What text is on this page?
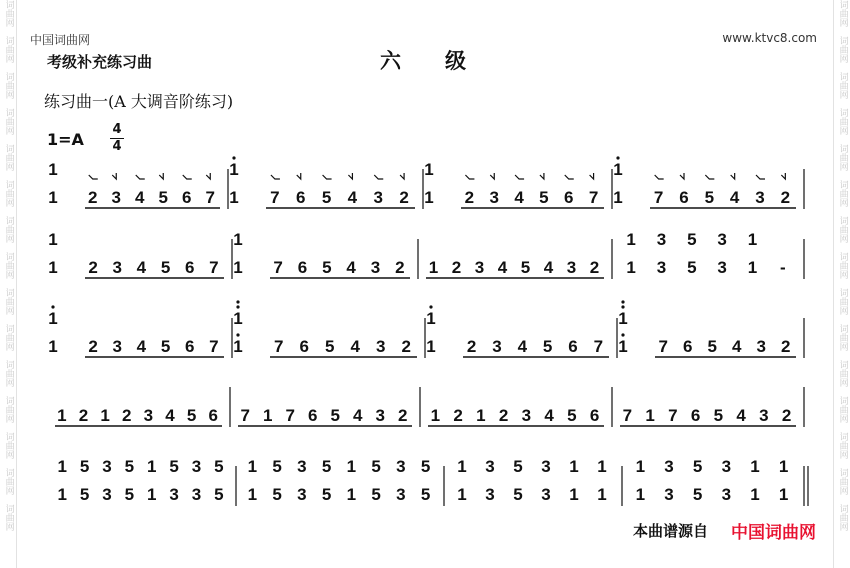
词曲网
词曲网
词曲网
词曲网
词曲网
词曲网
词曲网
词曲网
词曲网
词曲网
词曲网
词曲网
词曲网
词曲网
词曲网
词曲网
词曲网
词曲网
词曲网
词曲网
词曲网
词曲网
词曲网
词曲网
词曲网
词曲网
词曲网
词曲网
词曲网
词曲网
中国词曲网	www.ktvc8.com
考级补充练习曲	六级
练习曲一(A 大调音阶练习)
1=A
4
4
1
1 2 3 4 5 6 7
1
1 7 6 5 4 3 2
1
1 2 3 4 5 6 7
1
1 7 6 5 4 3 2
1
1 2 3 4 5 6 7
1
1 7 6 5 4 3 2 1 2 3 4 5 4 3 2
1 3 5 3 1
1 3 5 3 1 -
1
1 2 3 4 5 6 7
1
1 7 6 5 4 3 2
1
1 2 3 4 5 6 7
1
1 7 6 5 4 3 2
1 2 1 2 3 4 5 6 7 1 7 6 5 4 3 2 1 2 1 2 3 4 5 6 7 1 7 6 5 4 3 2
1 5 3 5 1 5 3 5
1 5 3 5 1 3 3 5
1 5 3 5 1 5 3 5
1 5 3 5 1 5 3 5
1 3 5 3 1 1
1 3 5 3 1 1
1 3 5 3 1 1
1 3 5 3 1 1
本曲谱源自 中国词曲网
